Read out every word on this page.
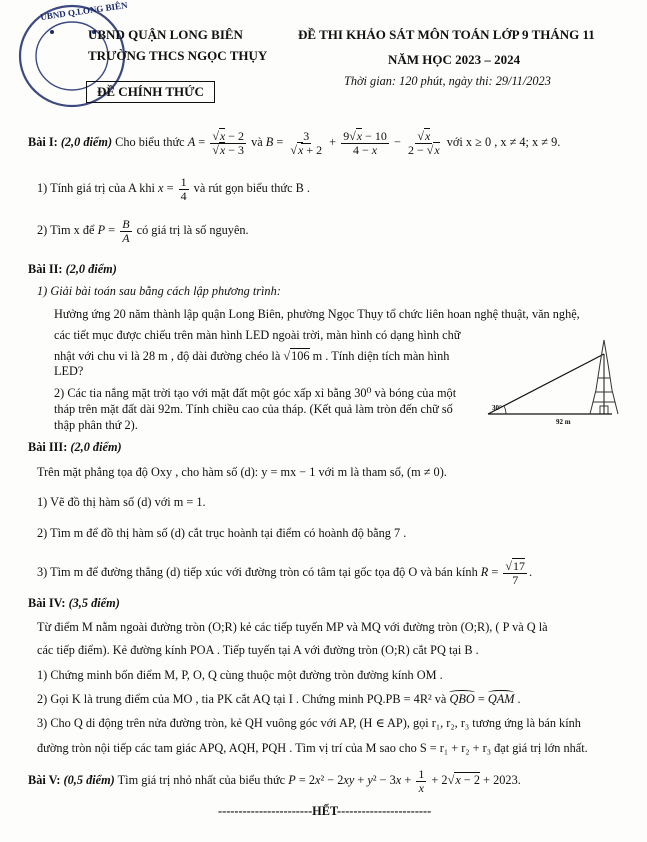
UBND Q.LONG BIÊN
UBND QUẬN LONG BIÊN
TRƯỜNG THCS NGỌC THỤY
ĐỀ CHÍNH THỨC
ĐỀ THI KHẢO SÁT MÔN TOÁN LỚP 9 THÁNG 11
NĂM HỌC 2023 – 2024
Thời gian: 120 phút, ngày thi: 29/11/2023
Bài I: (2,0 điểm) Cho biểu thức A =
√ x − 2
√ x − 3 và B = 3
√ $x + 2 + \frac{9√ x - 10}{4 - x}$ −
√ $\frac{x}{2 - √ x}$ với x ≥ 0 , x ≠ 4; x ≠ 9.
1) Tính giá trị của A khi $x = \frac{1}{4}$ và rút gọn biểu thức B .
2) Tìm x để $P = \frac{B}{A}$ có giá trị là số nguyên.
Bài II: (2,0 điểm)
1) Giải bài toán sau bằng cách lập phương trình:
Hưởng ứng 20 năm thành lập quận Long Biên, phường Ngọc Thụy tổ chức liên hoan nghệ thuật, văn nghệ,
các tiết mục được chiếu trên màn hình LED ngoài trời, màn hình có dạng hình chữ
nhật với chu vi là 28 m , độ dài đường chéo là √ 106 m . Tính diện tích màn hình
LED?
2) Các tia nắng mặt trời tạo với mặt đất một góc xấp xỉ bằng 30⁰ và bóng của một
tháp trên mặt đất dài 92m. Tính chiều cao của tháp. (Kết quả làm tròn đến chữ số
thập phân thứ 2).
30°
92 m
Bài III: (2,0 điểm)
Trên mặt phẳng tọa độ Oxy , cho hàm số (d): y = mx − 1 với m là tham số, (m ≠ 0).
1) Vẽ đồ thị hàm số (d) với m = 1.
2) Tìm m để đồ thị hàm số (d) cắt trục hoành tại điểm có hoành độ bằng 7 .
3) Tìm m để đường thẳng (d) tiếp xúc với đường tròn có tâm tại gốc tọa độ O và bán kính R =
√ $\frac{17}{7}$ .
Bài IV: (3,5 điểm)
Từ điểm M nằm ngoài đường tròn (O;R) kẻ các tiếp tuyến MP và MQ với đường tròn (O;R), ( P và Q là
các tiếp điểm). Kẻ đường kính POA . Tiếp tuyến tại A với đường tròn (O;R) cắt PQ tại B .
1) Chứng minh bốn điểm M, P, O, Q cùng thuộc một đường tròn đường kính OM .
2) Gọi K là trung điểm của MO , tia PK cắt AQ tại I . Chứng minh PQ.PB = 4R² và QBO = QAM .
3) Cho Q di động trên nửa đường tròn, kẻ QH vuông góc với AP, (H ∈ AP), gọi r₁, r₂, r₃ tương ứng là bán kính
đường tròn nội tiếp các tam giác APQ, AQH, PQH . Tìm vị trí của M sao cho S = r₁ + r₂ + r₃ đạt giá trị lớn nhất.
Bài V: (0,5 điểm) Tìm giá trị nhỏ nhất của biểu thức $P = 2x^2 - 2xy + y^2 - 3x + \frac{1}{x} + 2√$ x − 2 + 2023.
-----------------------HẾT-----------------------
